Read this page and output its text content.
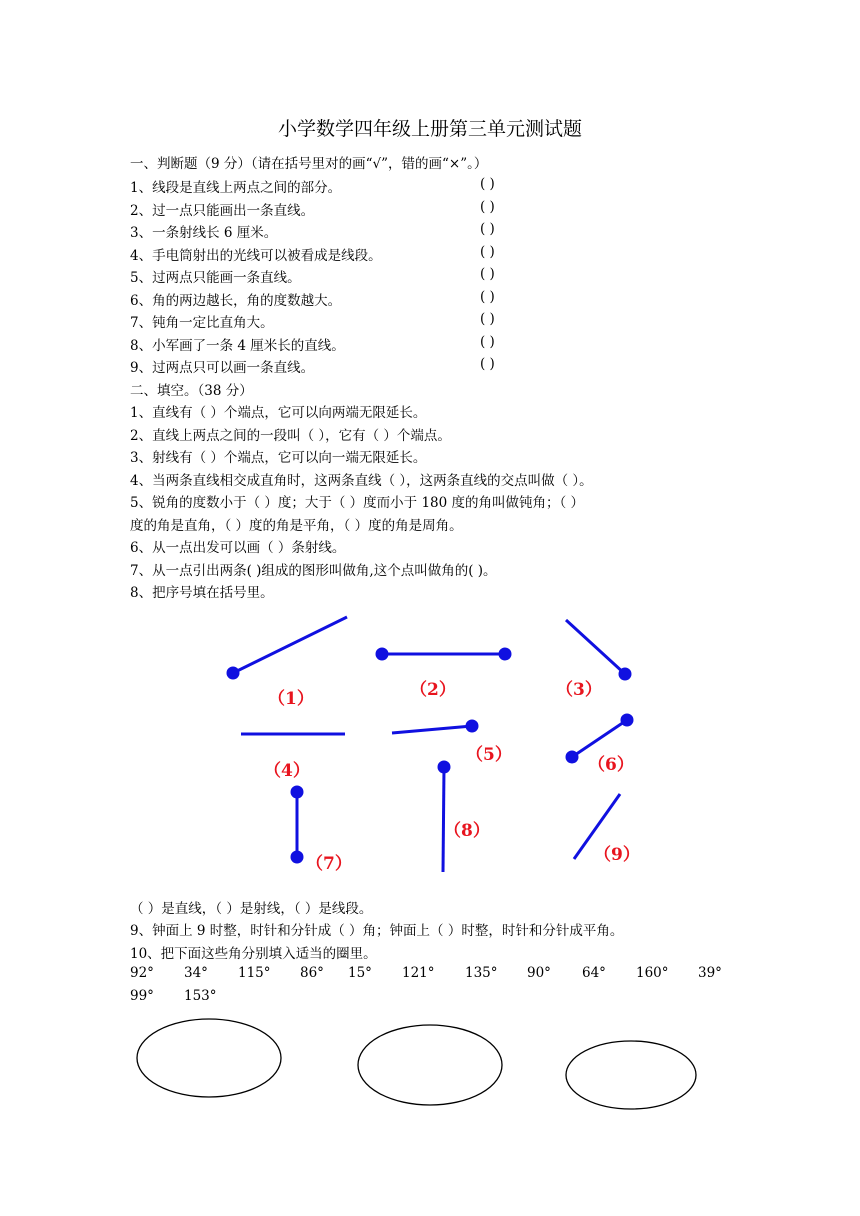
小学数学四年级上册第三单元测试题
一、判断题（9 分）（请在括号里对的画“√”，错的画“×”。）
1、线段是直线上两点之间的部分。	( )
2、过一点只能画出一条直线。	( )
3、一条射线长 6 厘米。	( )
4、手电筒射出的光线可以被看成是线段。	( )
5、过两点只能画一条直线。	( )
6、角的两边越长，角的度数越大。	( )
7、钝角一定比直角大。	( )
8、小军画了一条 4 厘米长的直线。	( )
9、过两点只可以画一条直线。	( )
二、填空。（38 分）
1、直线有（ ）个端点，它可以向两端无限延长。
2、直线上两点之间的一段叫（ ），它有（ ）个端点。
3、射线有（ ）个端点，它可以向一端无限延长。
4、当两条直线相交成直角时，这两条直线（ ），这两条直线的交点叫做（ ）。
5、锐角的度数小于（ ）度；大于（ ）度而小于 180 度的角叫做钝角；（ ）
度的角是直角，（ ）度的角是平角，（ ）度的角是周角。
6、从一点出发可以画（ ）条射线。
7、从一点引出两条( )组成的图形叫做角,这个点叫做角的( )。
8、把序号填在括号里。
（1）	（2）	（3）
（4）
（5）	（6）
（7）
（8）
（9）
（ ）是直线，（ ）是射线，（ ）是线段。
9、钟面上 9 时整，时针和分针成（ ）角；钟面上（ ）时整，时针和分针成平角。
10、把下面这些角分别填入适当的圈里。
92° 34° 115° 86° 15° 121° 135° 90° 64° 160° 39°
99° 153°
